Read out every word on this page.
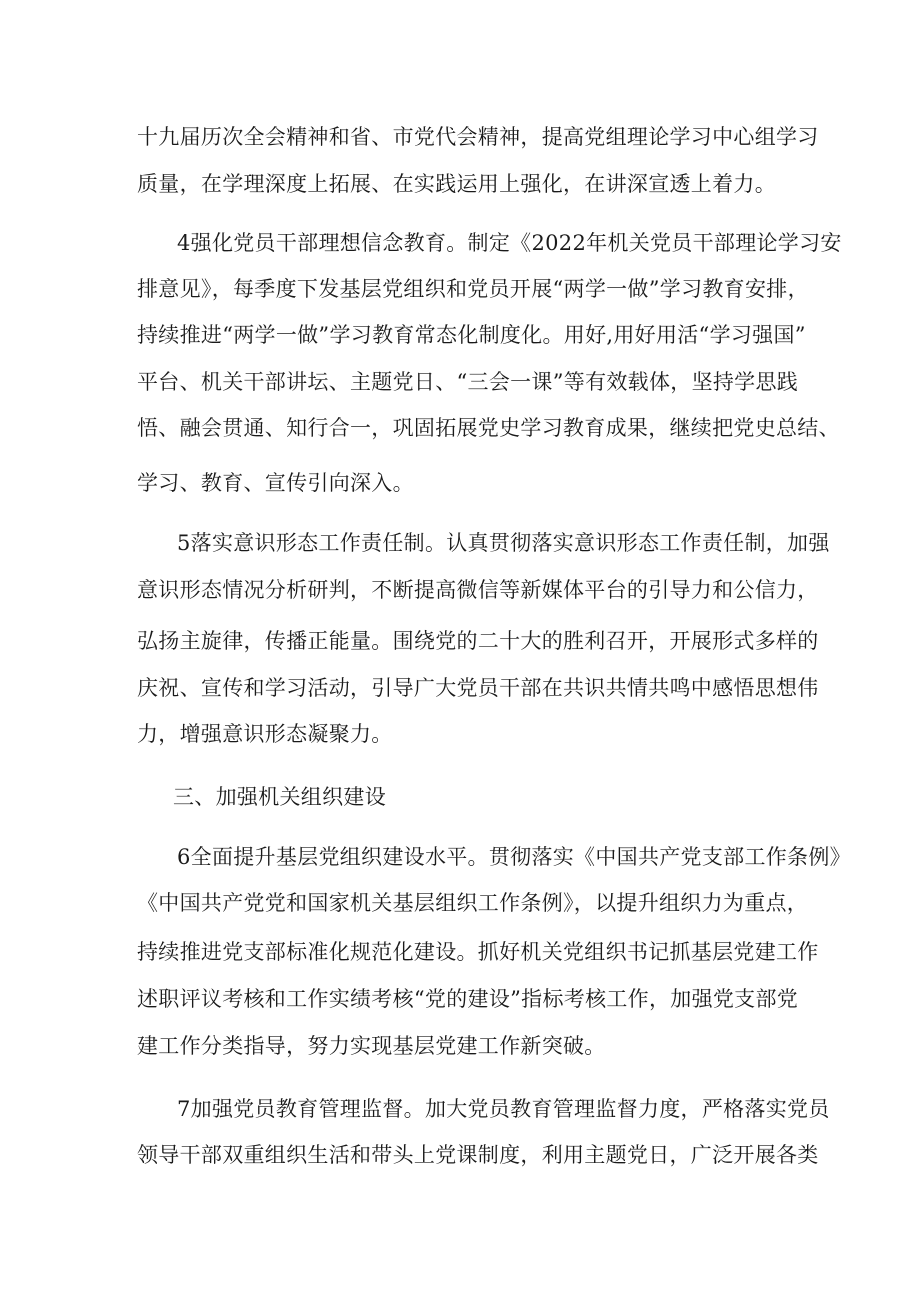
十九届历次全会精神和省、市党代会精神，提高党组理论学习中心组学习

质量，在学理深度上拓展、在实践运用上强化，在讲深宣透上着力。

4强化党员干部理想信念教育。制定《2022年机关党员干部理论学习安

排意见》，每季度下发基层党组织和党员开展“两学一做”学习教育安排，

持续推进“两学一做”学习教育常态化制度化。用好,用好用活“学习强国”

平台、机关干部讲坛、主题党日、“三会一课”等有效载体，坚持学思践

悟、融会贯通、知行合一，巩固拓展党史学习教育成果，继续把党史总结、

学习、教育、宣传引向深入。

5落实意识形态工作责任制。认真贯彻落实意识形态工作责任制，加强

意识形态情况分析研判，不断提高微信等新媒体平台的引导力和公信力，

弘扬主旋律，传播正能量。围绕党的二十大的胜利召开，开展形式多样的

庆祝、宣传和学习活动，引导广大党员干部在共识共情共鸣中感悟思想伟

力，增强意识形态凝聚力。

三、加强机关组织建设

6全面提升基层党组织建设水平。贯彻落实《中国共产党支部工作条例》

《中国共产党党和国家机关基层组织工作条例》，以提升组织力为重点，

持续推进党支部标准化规范化建设。抓好机关党组织书记抓基层党建工作

述职评议考核和工作实绩考核“党的建设”指标考核工作，加强党支部党

建工作分类指导，努力实现基层党建工作新突破。

7加强党员教育管理监督。加大党员教育管理监督力度，严格落实党员

领导干部双重组织生活和带头上党课制度，利用主题党日，广泛开展各类
